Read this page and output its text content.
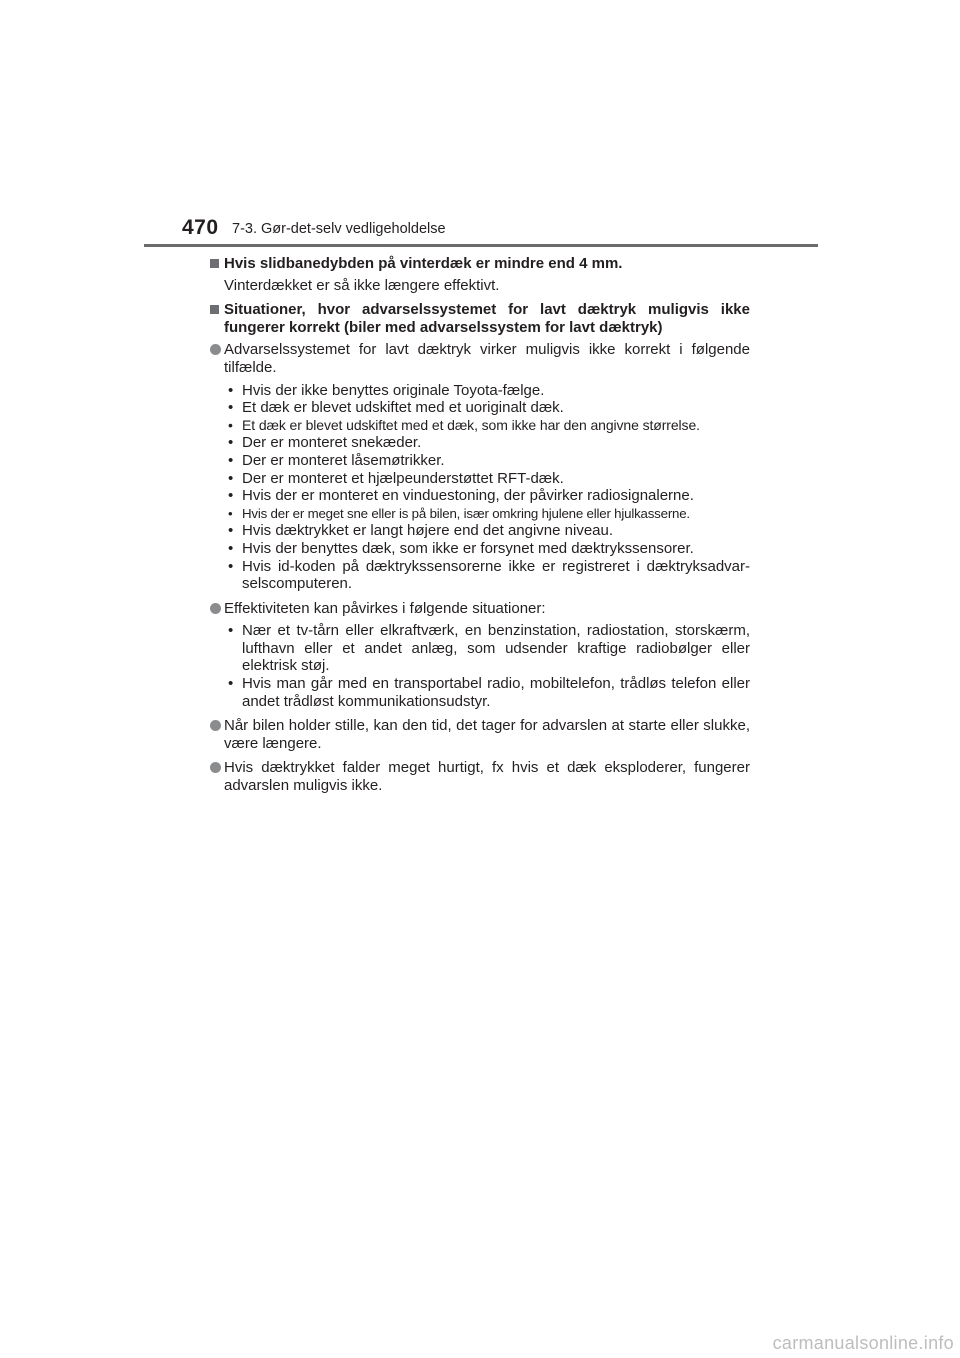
470 7-3. Gør-det-selv vedligeholdelse
Hvis slidbanedybden på vinterdæk er mindre end 4 mm.
Vinterdækket er så ikke længere effektivt.
Situationer, hvor advarselssystemet for lavt dæktryk muligvis ikke fungerer korrekt (biler med advarselssystem for lavt dæktryk)
Advarselssystemet for lavt dæktryk virker muligvis ikke korrekt i følgende tilfælde.
• Hvis der ikke benyttes originale Toyota-fælge.
• Et dæk er blevet udskiftet med et uoriginalt dæk.
• Et dæk er blevet udskiftet med et dæk, som ikke har den angivne størrelse.
• Der er monteret snekæder.
• Der er monteret låsemøtrikker.
• Der er monteret et hjælpeunderstøttet RFT-dæk.
• Hvis der er monteret en vinduestoning, der påvirker radiosignalerne.
• Hvis der er meget sne eller is på bilen, især omkring hjulene eller hjulkasserne.
• Hvis dæktrykket er langt højere end det angivne niveau.
• Hvis der benyttes dæk, som ikke er forsynet med dæktrykssensorer.
• Hvis id-koden på dæktrykssensorerne ikke er registreret i dæktryksadvar-selscomputeren.
Effektiviteten kan påvirkes i følgende situationer:
• Nær et tv-tårn eller elkraftværk, en benzinstation, radiostation, storskærm, lufthavn eller et andet anlæg, som udsender kraftige radiobølger eller elektrisk støj.
• Hvis man går med en transportabel radio, mobiltelefon, trådløs telefon eller andet trådløst kommunikationsudstyr.
Når bilen holder stille, kan den tid, det tager for advarslen at starte eller slukke, være længere.
Hvis dæktrykket falder meget hurtigt, fx hvis et dæk eksploderer, fungerer advarslen muligvis ikke.
carmanualsonline.info
